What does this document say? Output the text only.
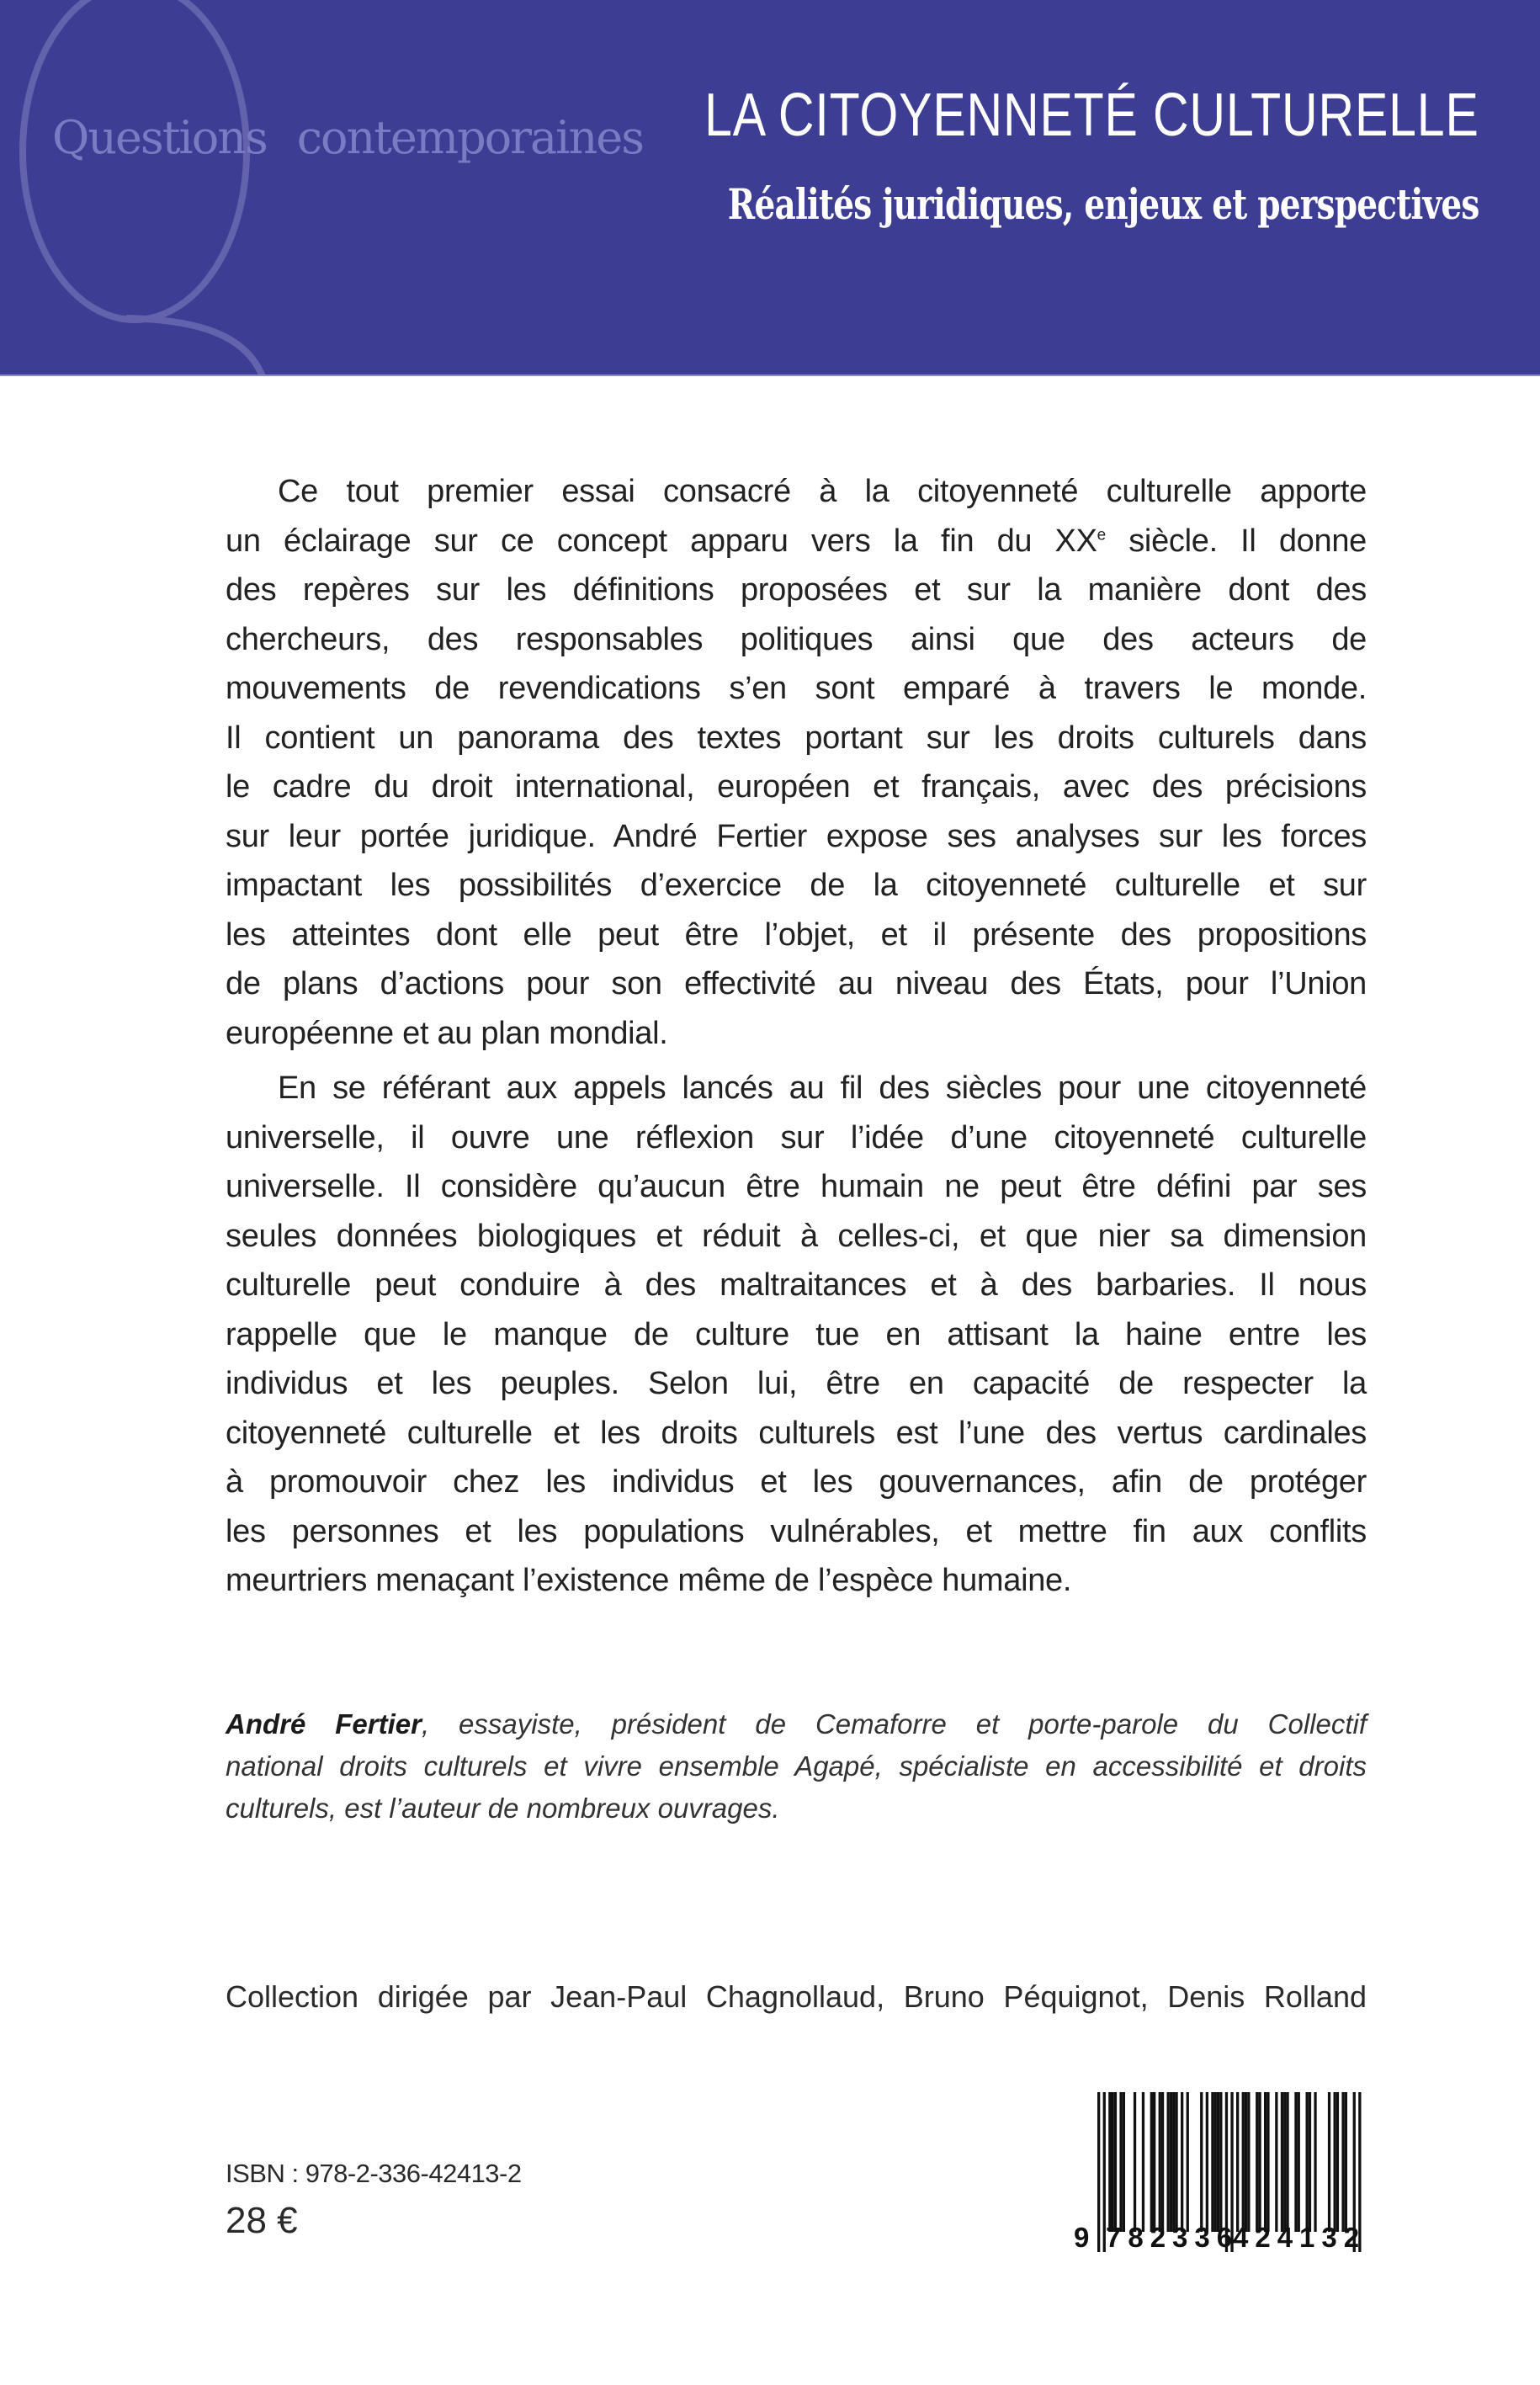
Questions contemporaines LA CITOYENNETÉ CULTURELLE
Réalités juridiques, enjeux et perspectives
Ce tout premier essai consacré à la citoyenneté culturelle apporte
un éclairage sur ce concept apparu vers la fin du XXe siècle. Il donne
des repères sur les définitions proposées et sur la manière dont des
chercheurs, des responsables politiques ainsi que des acteurs de
mouvements de revendications s’en sont emparé à travers le monde.
Il contient un panorama des textes portant sur les droits culturels dans
le cadre du droit international, européen et français, avec des précisions
sur leur portée juridique. André Fertier expose ses analyses sur les forces
impactant les possibilités d’exercice de la citoyenneté culturelle et sur
les atteintes dont elle peut être l’objet, et il présente des propositions
de plans d’actions pour son effectivité au niveau des États, pour l’Union
européenne et au plan mondial.
En se référant aux appels lancés au fil des siècles pour une citoyenneté
universelle, il ouvre une réflexion sur l’idée d’une citoyenneté culturelle
universelle. Il considère qu’aucun être humain ne peut être défini par ses
seules données biologiques et réduit à celles-ci, et que nier sa dimension
culturelle peut conduire à des maltraitances et à des barbaries. Il nous
rappelle que le manque de culture tue en attisant la haine entre les
individus et les peuples. Selon lui, être en capacité de respecter la
citoyenneté culturelle et les droits culturels est l’une des vertus cardinales
à promouvoir chez les individus et les gouvernances, afin de protéger
les personnes et les populations vulnérables, et mettre fin aux conflits
meurtriers menaçant l’existence même de l’espèce humaine.
André Fertier, essayiste, président de Cemaforre et porte-parole du Collectif
national droits culturels et vivre ensemble Agapé, spécialiste en accessibilité et droits
culturels, est l’auteur de nombreux ouvrages.
Collection dirigée par Jean-Paul Chagnollaud, Bruno Péquignot, Denis Rolland
ISBN : 978-2-336-42413-2
28 €	9 782336
424132
